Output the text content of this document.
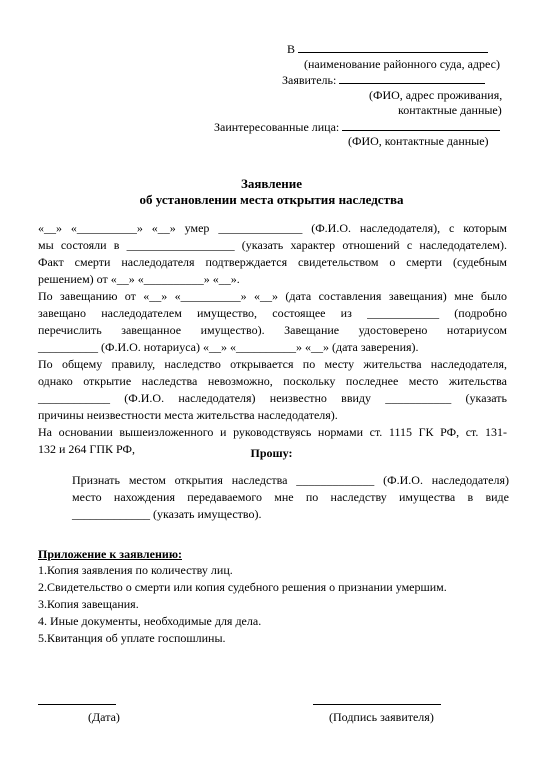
В
(наименование районного суда, адрес)
Заявитель:
(ФИО, адрес проживания,
контактные данные)
Заинтересованные лица:
(ФИО, контактные данные)
Заявление
об установлении места открытия наследства
«__» «__________» «__» умер ______________ (Ф.И.О. наследодателя), с которым
мы состояли в __________________ (указать характер отношений с наследодателем).
Факт смерти наследодателя подтверждается свидетельством о смерти (судебным
решением) от «__» «__________» «__».
По завещанию от «__» «__________» «__» (дата составления завещания) мне было
завещано наследодателем имущество, состоящее из ____________ (подробно
перечислить завещанное имущество). Завещание удостоверено нотариусом
__________ (Ф.И.О. нотариуса) «__» «__________» «__» (дата заверения).
По общему правилу, наследство открывается по месту жительства наследодателя,
однако открытие наследства невозможно, поскольку последнее место жительства
____________ (Ф.И.О. наследодателя) неизвестно ввиду ___________ (указать
причины неизвестности места жительства наследодателя).
На основании вышеизложенного и руководствуясь нормами ст. 1115 ГК РФ, ст. 131-
132 и 264 ГПК РФ,	Прошу:
Признать местом открытия наследства _____________ (Ф.И.О. наследодателя)
место нахождения передаваемого мне по наследству имущества в виде
_____________ (указать имущество).
Приложение к заявлению:
1.Копия заявления по количеству лиц.
2.Свидетельство о смерти или копия судебного решения о признании умершим.
3.Копия завещания.
4. Иные документы, необходимые для дела.
5.Квитанция об уплате госпошлины.
(Дата)	(Подпись заявителя)
